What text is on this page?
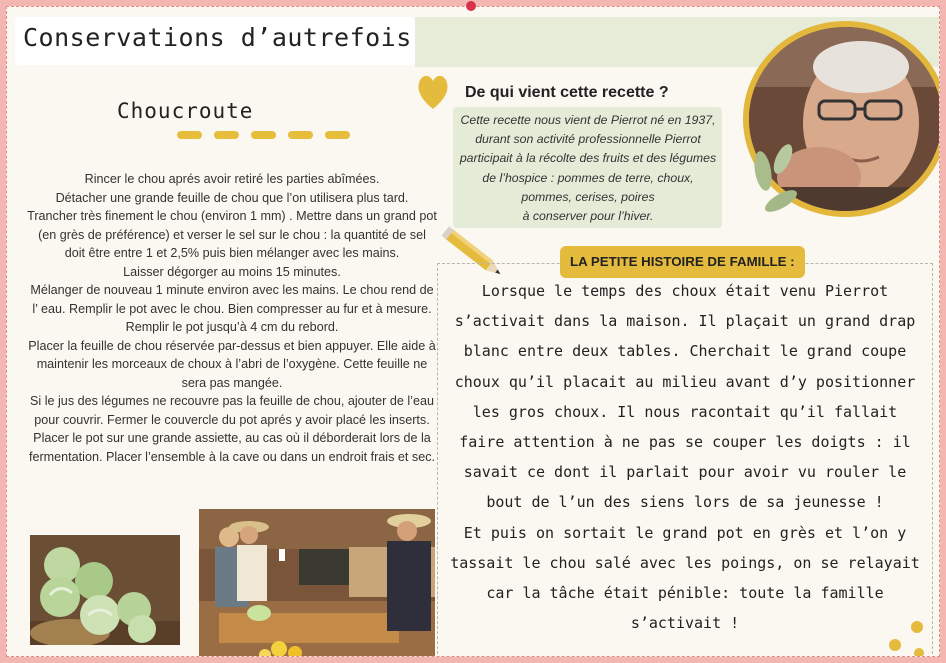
Conservations d’autrefois
Choucroute
Rincer le chou aprés avoir retiré les parties abîmées.
Détacher une grande feuille de chou que l’on utilisera plus tard.
Trancher très finement le chou (environ 1 mm) . Mettre dans un grand pot (en grès de préférence) et verser le sel sur le chou : la quantité de sel doit être entre 1 et 2,5% puis bien mélanger avec les mains.
Laisser dégorger au moins 15 minutes.
Mélanger de nouveau 1 minute environ avec les mains. Le chou rend de l’ eau. Remplir le pot avec le chou. Bien compresser au fur et à mesure. Remplir le pot jusqu’à 4 cm du rebord.
Placer la feuille de chou réservée par-dessus et bien appuyer. Elle aide à maintenir les morceaux de choux à l’abri de l’oxygène. Cette feuille ne sera pas mangée.
Si le jus des légumes ne recouvre pas la feuille de chou, ajouter de l’eau pour couvrir. Fermer le couvercle du pot aprés y avoir placé les inserts. Placer le pot sur une grande assiette, au cas où il déborderait lors de la fermentation. Placer l’ensemble à la cave ou dans un endroit frais et sec.
De qui vient cette recette ?
Cette recette nous vient de Pierrot né en 1937, durant son activité professionnelle Pierrot participait à la récolte des fruits et des légumes de l’hospice : pommes de terre, choux, pommes, cerises, poires
à conserver pour l’hiver.
LA PETITE HISTOIRE DE FAMILLE :
Lorsque le temps des choux était venu Pierrot s’activait dans la maison. Il plaçait un grand drap blanc entre deux tables. Cherchait le grand coupe choux qu’il placait au milieu avant d’y positionner les gros choux. Il nous racontait qu’il fallait faire attention à ne pas se couper les doigts : il savait ce dont il parlait pour avoir vu rouler le bout de l’un des siens lors de sa jeunesse !
Et puis on sortait le grand pot en grès et l’on y tassait le chou salé avec les poings, on se relayait car la tâche était pénible: toute la famille s’activait !
